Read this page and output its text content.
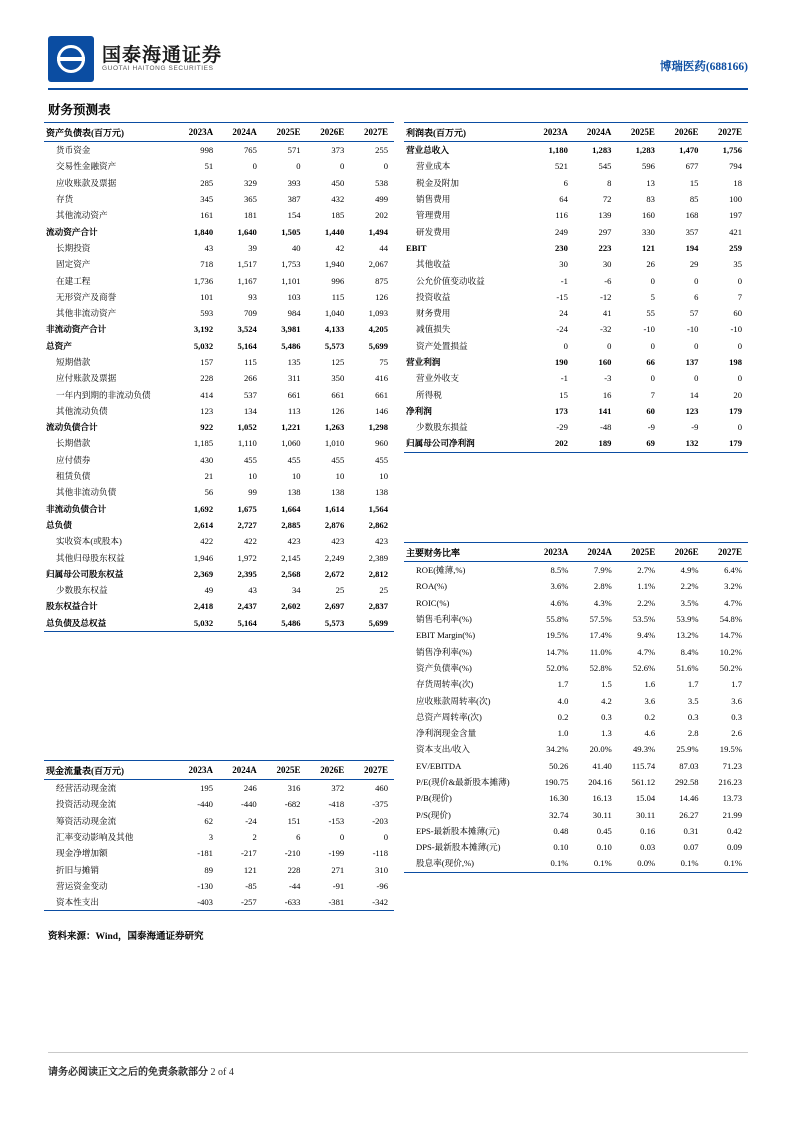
国泰海通证券
GUOTAI HAITONG SECURITIES	博瑞医药(688166)
财务预测表
资产负债表(百万元)	2023A	2024A	2025E	2026E	2027E
货币资金	998	765	571	373	255
交易性金融资产	51	0	0	0	0
应收账款及票据	285	329	393	450	538
存货	345	365	387	432	499
其他流动资产	161	181	154	185	202
流动资产合计	1,840	1,640	1,505	1,440	1,494
长期投资	43	39	40	42	44
固定资产	718	1,517	1,753	1,940	2,067
在建工程	1,736	1,167	1,101	996	875
无形资产及商誉	101	93	103	115	126
其他非流动资产	593	709	984	1,040	1,093
非流动资产合计	3,192	3,524	3,981	4,133	4,205
总资产	5,032	5,164	5,486	5,573	5,699
短期借款	157	115	135	125	75
应付账款及票据	228	266	311	350	416
一年内到期的非流动负债	414	537	661	661	661
其他流动负债	123	134	113	126	146
流动负债合计	922	1,052	1,221	1,263	1,298
长期借款	1,185	1,110	1,060	1,010	960
应付债券	430	455	455	455	455
租赁负债	21	10	10	10	10
其他非流动负债	56	99	138	138	138
非流动负债合计	1,692	1,675	1,664	1,614	1,564
总负债	2,614	2,727	2,885	2,876	2,862
实收资本(或股本)	422	422	423	423	423
其他归母股东权益	1,946	1,972	2,145	2,249	2,389
归属母公司股东权益	2,369	2,395	2,568	2,672	2,812
少数股东权益	49	43	34	25	25
股东权益合计	2,418	2,437	2,602	2,697	2,837
总负债及总权益	5,032	5,164	5,486	5,573	5,699
现金流量表(百万元)	2023A	2024A	2025E	2026E	2027E
经营活动现金流	195	246	316	372	460
投资活动现金流	-440	-440	-682	-418	-375
筹资活动现金流	62	-24	151	-153	-203
汇率变动影响及其他	3	2	6	0	0
现金净增加额	-181	-217	-210	-199	-118
折旧与摊销	89	121	228	271	310
营运资金变动	-130	-85	-44	-91	-96
资本性支出	-403	-257	-633	-381	-342
利润表(百万元)	2023A	2024A	2025E	2026E	2027E
营业总收入	1,180	1,283	1,283	1,470	1,756
营业成本	521	545	596	677	794
税金及附加	6	8	13	15	18
销售费用	64	72	83	85	100
管理费用	116	139	160	168	197
研发费用	249	297	330	357	421
EBIT	230	223	121	194	259
其他收益	30	30	26	29	35
公允价值变动收益	-1	-6	0	0	0
投资收益	-15	-12	5	6	7
财务费用	24	41	55	57	60
减值损失	-24	-32	-10	-10	-10
资产处置损益	0	0	0	0	0
营业利润	190	160	66	137	198
营业外收支	-1	-3	0	0	0
所得税	15	16	7	14	20
净利润	173	141	60	123	179
少数股东损益	-29	-48	-9	-9	0
归属母公司净利润	202	189	69	132	179
主要财务比率	2023A	2024A	2025E	2026E	2027E
ROE(摊薄,%)	8.5%	7.9%	2.7%	4.9%	6.4%
ROA(%)	3.6%	2.8%	1.1%	2.2%	3.2%
ROIC(%)	4.6%	4.3%	2.2%	3.5%	4.7%
销售毛利率(%)	55.8%	57.5%	53.5%	53.9%	54.8%
EBIT Margin(%)	19.5%	17.4%	9.4%	13.2%	14.7%
销售净利率(%)	14.7%	11.0%	4.7%	8.4%	10.2%
资产负债率(%)	52.0%	52.8%	52.6%	51.6%	50.2%
存货周转率(次)	1.7	1.5	1.6	1.7	1.7
应收账款周转率(次)	4.0	4.2	3.6	3.5	3.6
总资产周转率(次)	0.2	0.3	0.2	0.3	0.3
净利润现金含量	1.0	1.3	4.6	2.8	2.6
资本支出/收入	34.2%	20.0%	49.3%	25.9%	19.5%
EV/EBITDA	50.26	41.40	115.74	87.03	71.23
P/E(现价&最新股本摊薄)	190.75	204.16	561.12	292.58	216.23
P/B(现价)	16.30	16.13	15.04	14.46	13.73
P/S(现价)	32.74	30.11	30.11	26.27	21.99
EPS-最新股本摊薄(元)	0.48	0.45	0.16	0.31	0.42
DPS-最新股本摊薄(元)	0.10	0.10	0.03	0.07	0.09
股息率(现价,%)	0.1%	0.1%	0.0%	0.1%	0.1%
资料来源：Wind，国泰海通证券研究
请务必阅读正文之后的免责条款部分 2 of 4
